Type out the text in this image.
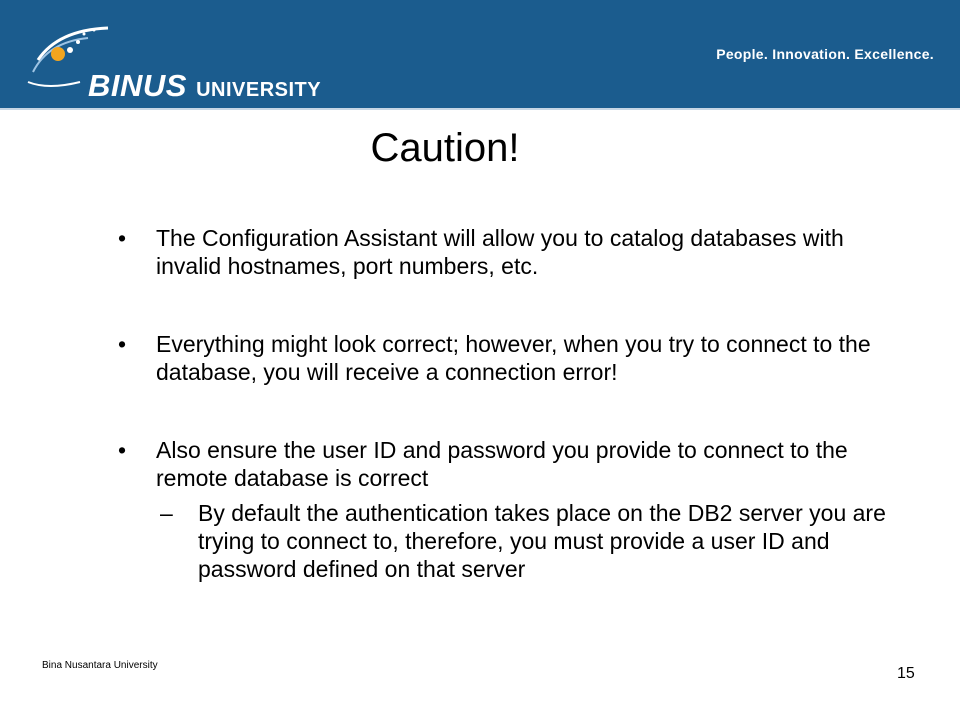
BINUS UNIVERSITY
People. Innovation. Excellence.
Caution!
• The Configuration Assistant will allow you to catalog databases with invalid hostnames, port numbers, etc.
• Everything might look correct; however, when you try to connect to the database, you will receive a connection error!
• Also ensure the user ID and password you provide to connect to the remote database is correct
– By default the authentication takes place on the DB2 server you are trying to connect to, therefore, you must provide a user ID and password defined on that server
Bina Nusantara University	15
